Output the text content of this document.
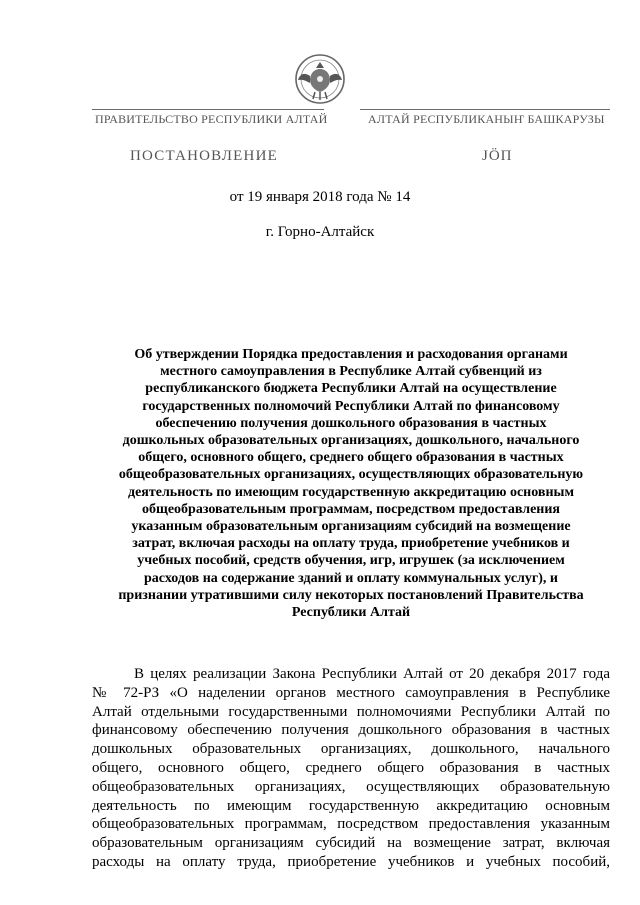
ПРАВИТЕЛЬСТВО РЕСПУБЛИКИ АЛТАЙ	АЛТАЙ РЕСПУБЛИКАНЫҤ БАШКАРУЗЫ
ПОСТАНОВЛЕНИЕ	ЈӦП
от 19 января 2018 года № 14
г. Горно-Алтайск
Об утверждении Порядка предоставления и расходования органами
местного самоуправления в Республике Алтай субвенций из
республиканского бюджета Республики Алтай на осуществление
государственных полномочий Республики Алтай по финансовому
обеспечению получения дошкольного образования в частных
дошкольных образовательных организациях, дошкольного, начального
общего, основного общего, среднего общего образования в частных
общеобразовательных организациях, осуществляющих образовательную
деятельность по имеющим государственную аккредитацию основным
общеобразовательным программам, посредством предоставления
указанным образовательным организациям субсидий на возмещение
затрат, включая расходы на оплату труда, приобретение учебников и
учебных пособий, средств обучения, игр, игрушек (за исключением
расходов на содержание зданий и оплату коммунальных услуг), и
признании утратившими силу некоторых постановлений Правительства
Республики Алтай
В целях реализации Закона Республики Алтай от 20 декабря 2017 года
№ 72-РЗ «О наделении органов местного самоуправления в Республике
Алтай отдельными государственными полномочиями Республики Алтай по
финансовому обеспечению получения дошкольного образования в частных
дошкольных образовательных организациях, дошкольного, начального
общего, основного общего, среднего общего образования в частных
общеобразовательных организациях, осуществляющих образовательную
деятельность по имеющим государственную аккредитацию основным
общеобразовательных программам, посредством предоставления указанным
образовательным организациям субсидий на возмещение затрат, включая
расходы на оплату труда, приобретение учебников и учебных пособий,
